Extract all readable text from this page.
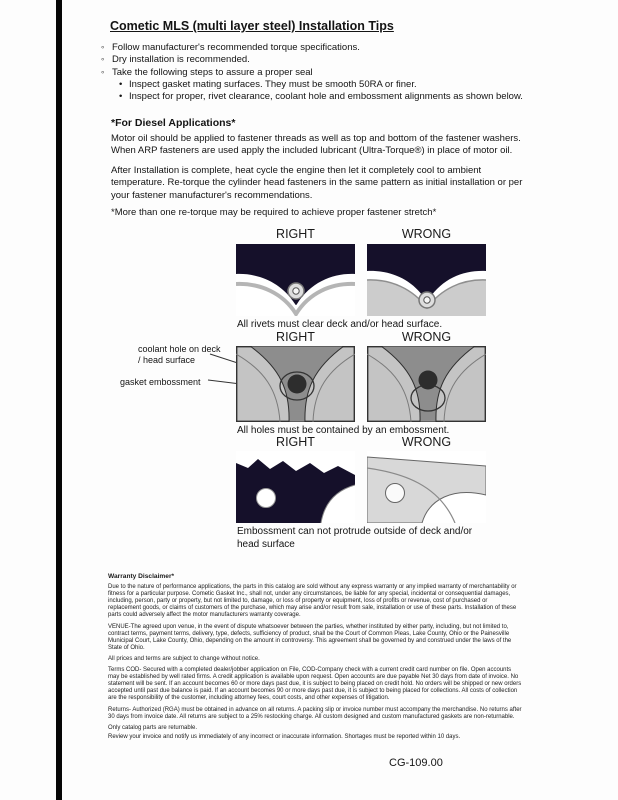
Cometic MLS (multi layer steel) Installation Tips
◦ Follow manufacturer's recommended torque specifications.
◦ Dry installation is recommended.
◦ Take the following steps to assure a proper seal
• Inspect gasket mating surfaces. They must be smooth 50RA or finer.
• Inspect for proper, rivet clearance, coolant hole and embossment alignments as shown below.
*For Diesel Applications*

Motor oil should be applied to fastener threads as well as top and bottom of the fastener washers. When ARP fasteners are used apply the included lubricant (Ultra-Torque®) in place of motor oil.

After Installation is complete, heat cycle the engine then let it completely cool to ambient temperature. Re-torque the cylinder head fasteners in the same pattern as initial installation or per your fastener manufacturer's recommendations.

*More than one re-torque may be required to achieve proper fastener stretch*

RIGHT	WRONG
All rivets must clear deck and/or head surface.
RIGHT	WRONG
coolant hole on deck / head surface
gasket embossment
All holes must be contained by an embossment.
RIGHT	WRONG
Embossment can not protrude outside of deck and/or head surface
Warranty Disclaimer*

Due to the nature of performance applications, the parts in this catalog are sold without any express warranty or any implied warranty of merchantability or fitness for a particular purpose. Cometic Gasket Inc., shall not, under any circumstances, be liable for any special, incidental or consequential damages, including, person, party or property, but not limited to, damage, or loss of property or equipment, loss of profits or revenue, cost of purchased or replacement goods, or claims of customers of the purchase, which may arise and/or result from sale, installation or use of these parts. Installation of these parts could adversely affect the motor manufacturers warranty coverage.

VENUE-The agreed upon venue, in the event of dispute whatsoever between the parties, whether instituted by either party, including, but not limited to, contract terms, payment terms, delivery, type, defects, sufficiency of product, shall be the Court of Common Pleas, Lake County, Ohio or the Painesville Municipal Court, Lake County, Ohio, depending on the amount in controversy. This agreement shall be governed by and construed under the laws of the State of Ohio.

All prices and terms are subject to change without notice.

Terms COD- Secured with a completed dealer/jobber application on File, COD-Company check with a current credit card number on file. Open accounts may be established by well rated firms. A credit application is available upon request. Open accounts are due payable Net 30 days from date of invoice. No statement will be sent. If an account becomes 60 or more days past due, it is subject to being placed on credit hold. No orders will be shipped or new orders accepted until past due balance is paid. If an account becomes 90 or more days past due, it is subject to being placed for collections. All costs of collection are the responsibility of the customer, including attorney fees, court costs, and other expenses of litigation.

Returns- Authorized (RGA) must be obtained in advance on all returns. A packing slip or invoice number must accompany the merchandise. No returns after 30 days from invoice date. All returns are subject to a 25% restocking charge. All custom designed and custom manufactured gaskets are non-returnable.

Only catalog parts are returnable.

Review your invoice and notify us immediately of any incorrect or inaccurate information. Shortages must be reported within 10 days.

CG-109.00
